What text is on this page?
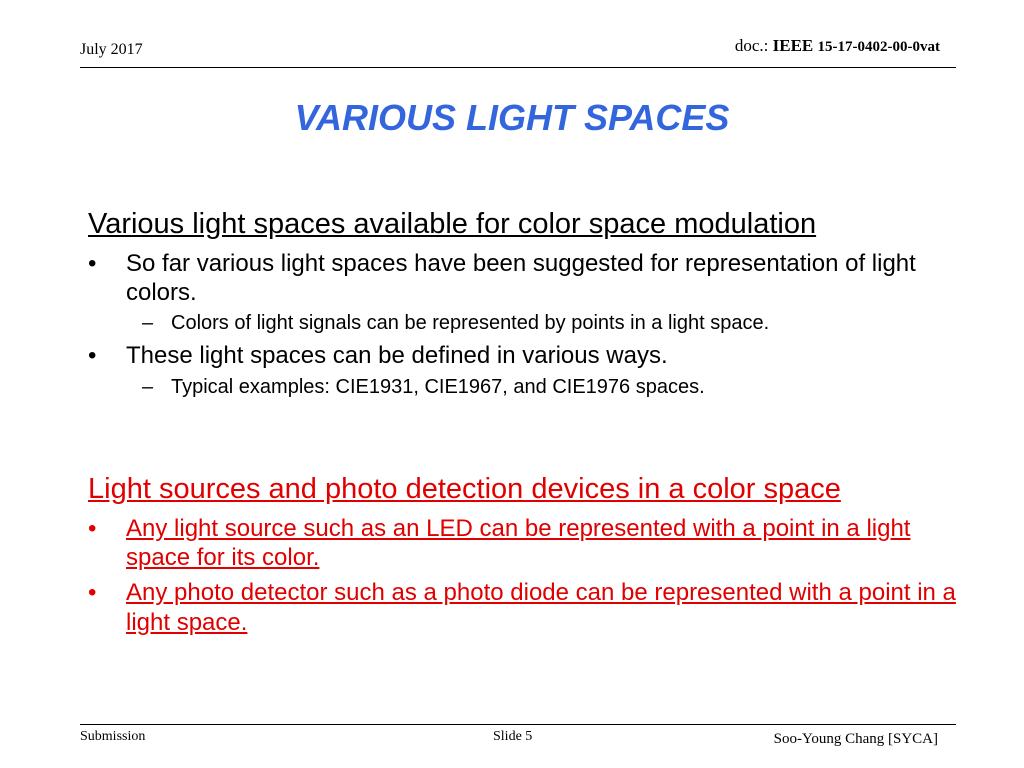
July 2017	doc.: IEEE 15-17-0402-00-0vat
VARIOUS LIGHT SPACES
Various light spaces available for color space modulation
• So far various light spaces have been suggested for representation of light colors.
– Colors of light signals can be represented by points in a light space.
• These light spaces can be defined in various ways.
– Typical examples: CIE1931, CIE1967, and CIE1976 spaces.
Light sources and photo detection devices in a color space
• Any light source such as an LED can be represented with a point in a light space for its color.
• Any photo detector such as a photo diode can be represented with a point in a light space.
Submission	Slide 5	Soo-Young Chang [SYCA]
